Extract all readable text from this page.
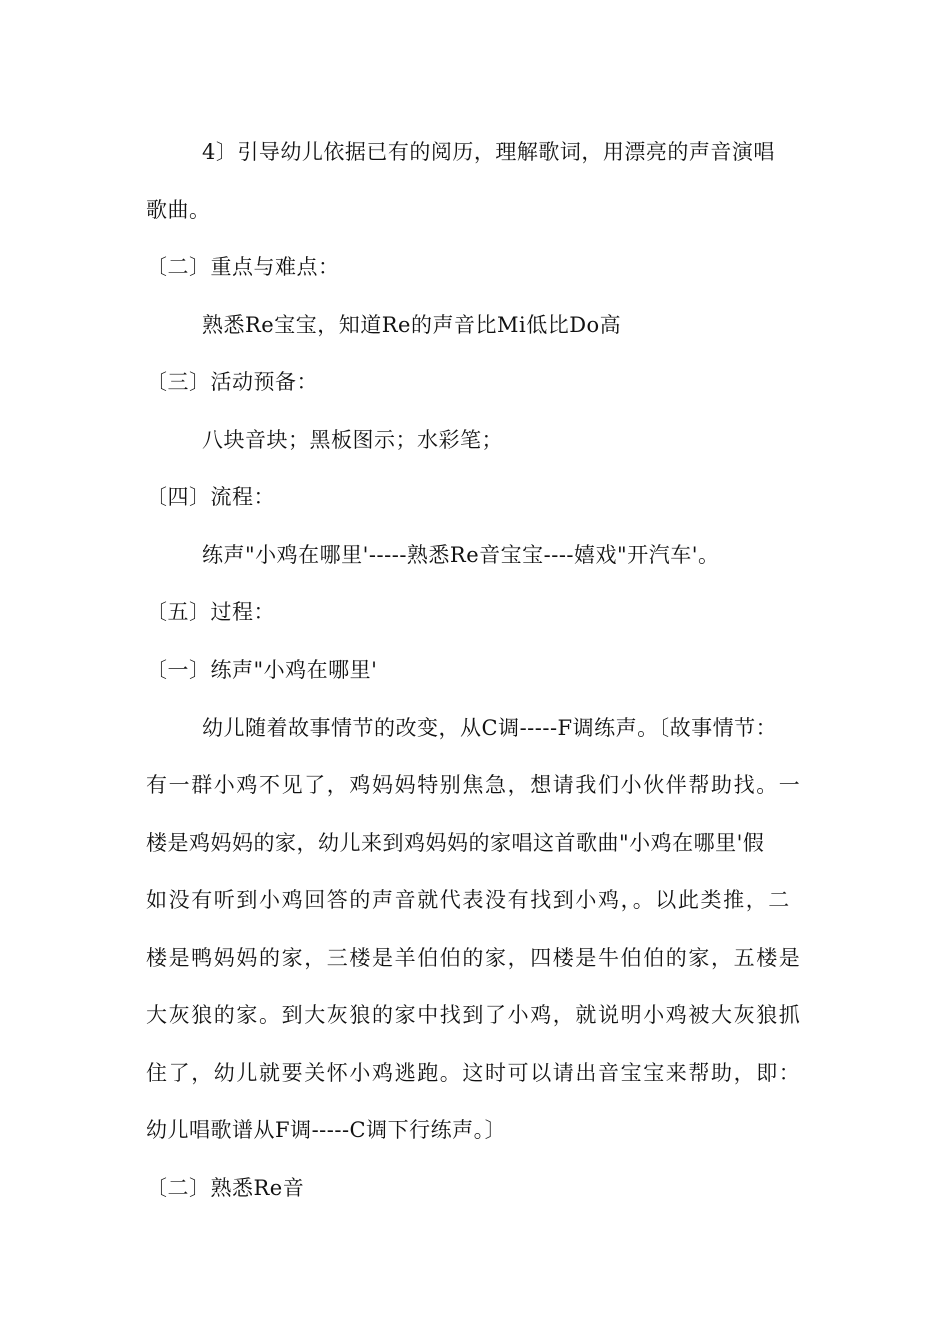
4〕引导幼儿依据已有的阅历，理解歌词，用漂亮的声音演唱
歌曲。
〔二〕重点与难点：
熟悉Re宝宝，知道Re的声音比Mi低比Do高
〔三〕活动预备：
八块音块；黑板图示；水彩笔；
〔四〕流程：
练声"小鸡在哪里'-----熟悉Re音宝宝----嬉戏"开汽车'。
〔五〕过程：
〔一〕练声"小鸡在哪里'
幼儿随着故事情节的改变，从C调-----F调练声。〔故事情节：
有一群小鸡不见了，鸡妈妈特别焦急，想请我们小伙伴帮助找。一
楼是鸡妈妈的家，幼儿来到鸡妈妈的家唱这首歌曲"小鸡在哪里'假
如没有听到小鸡回答的声音就代表没有找到小鸡，。以此类推，二
楼是鸭妈妈的家，三楼是羊伯伯的家，四楼是牛伯伯的家，五楼是
大灰狼的家。到大灰狼的家中找到了小鸡，就说明小鸡被大灰狼抓
住了，幼儿就要关怀小鸡逃跑。这时可以请出音宝宝来帮助，即：
幼儿唱歌谱从F调-----C调下行练声。〕
〔二〕熟悉Re音
